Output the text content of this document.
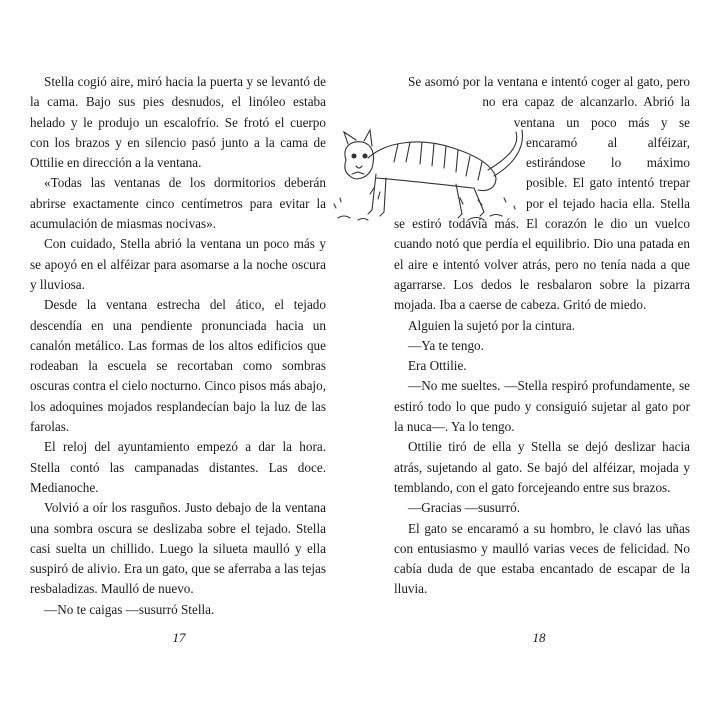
Stella cogió aire, miró hacia la puerta y se levantó de la cama. Bajo sus pies desnudos, el linóleo estaba helado y le produjo un escalofrío. Se frotó el cuerpo con los brazos y en silencio pasó junto a la cama de Ottilie en dirección a la ventana.

«Todas las ventanas de los dormitorios deberán abrirse exactamente cinco centímetros para evitar la acumulación de miasmas nocivas».

Con cuidado, Stella abrió la ventana un poco más y se apoyó en el alféizar para asomarse a la noche oscura y lluviosa.

Desde la ventana estrecha del ático, el tejado descendía en una pendiente pronunciada hacia un canalón metálico. Las formas de los altos edificios que rodeaban la escuela se recortaban como sombras oscuras contra el cielo nocturno. Cinco pisos más abajo, los adoquines mojados resplandecían bajo la luz de las farolas.

El reloj del ayuntamiento empezó a dar la hora. Stella contó las campanadas distantes. Las doce. Medianoche.

Volvió a oír los rasguños. Justo debajo de la ventana una sombra oscura se deslizaba sobre el tejado. Stella casi suelta un chillido. Luego la silueta maulló y ella suspiró de alivio. Era un gato, que se aferraba a las tejas resbaladizas. Maulló de nuevo.

—No te caigas —susurró Stella.

17

Se asomó por la ventana e intentó coger al gato, pero no era capaz de alcanzarlo. Abrió la ventana un poco más y se encaramó al alféizar, estirándose lo máximo posible. El gato intentó trepar por el tejado hacia ella. Stella se estiró todavía más. El corazón le dio un vuelco cuando notó que perdía el equilibrio. Dio una patada en el aire e intentó volver atrás, pero no tenía nada a que agarrarse. Los dedos le resbalaron sobre la pizarra mojada. Iba a caerse de cabeza. Gritó de miedo.

Alguien la sujetó por la cintura.

—Ya te tengo.

Era Ottilie.

—No me sueltes. —Stella respiró profundamente, se estiró todo lo que pudo y consiguió sujetar al gato por la nuca—. Ya lo tengo.

Ottilie tiró de ella y Stella se dejó deslizar hacia atrás, sujetando al gato. Se bajó del alféizar, mojada y temblando, con el gato forcejeando entre sus brazos.

—Gracias —susurró.

El gato se encaramó a su hombro, le clavó las uñas con entusiasmo y maulló varias veces de felicidad. No cabía duda de que estaba encantado de escapar de la lluvia.

18
